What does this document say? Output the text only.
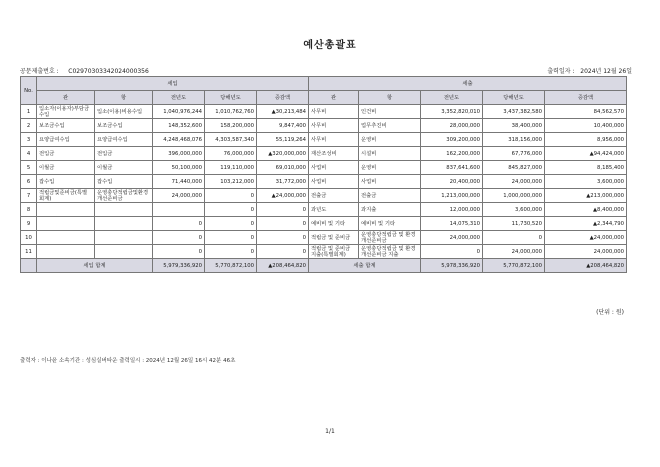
예산총괄표
공문제출번호 : C02970303342024000356	출력일자 : 2024년 12월 26일
No.	세입					세출				
	관	항	전년도	당해년도	증감액	관	항	전년도	당해년도	증감액
1	입소자(이용자)부담금수입	입소(이용)비용수입	1,040,976,244	1,010,762,760	▲30,213,484	사무비	인건비	3,352,820,010	3,437,382,580	84,562,570
2	보조금수입	보조금수입	148,352,600	158,200,000	9,847,400	사무비	업무추진비	28,000,000	38,400,000	10,400,000
3	요양급여수입	요양급여수입	4,248,468,076	4,303,587,340	55,119,264	사무비	운영비	309,200,000	318,156,000	8,956,000
4	전입금	전입금	396,000,000	76,000,000	▲320,000,000	재산조성비	시설비	162,200,000	67,776,000	▲94,424,000
5	이월금	이월금	50,100,000	119,110,000	69,010,000	사업비	운영비	837,641,600	845,827,000	8,185,400
6	잡수입	잡수입	71,440,000	103,212,000	31,772,000	사업비	사업비	20,400,000	24,000,000	3,600,000
7	적립금및준비금(특별회계)	운영충당적립금및환경개선준비금	24,000,000	0	▲24,000,000	전출금	전출금	1,213,000,000	1,000,000,000	▲213,000,000
8				0	0	과년도	과지출	12,000,000	3,600,000	▲8,400,000
9			0	0	0	예비비 및 기타	예비비 및 기타	14,075,310	11,730,520	▲2,344,790
10			0	0	0	적립금 및 준비금	운영충당적립금 및 환경개선준비금	24,000,000	0	▲24,000,000
11			0	0	0	적립금 및 준비금 지출(특별회계)	운영충당적립금 및 환경개선준비금 지출	0	24,000,000	24,000,000
	세입 합계		5,979,336,920	5,770,872,100	▲208,464,820	세출 합계		5,978,336,920	5,770,872,100	▲208,464,820
(단위 : 원)
출력자 : 이나윤 소속기관 : 성심실버타운 출력일시 : 2024년 12월 26일 16시 42분 46초
1/1
